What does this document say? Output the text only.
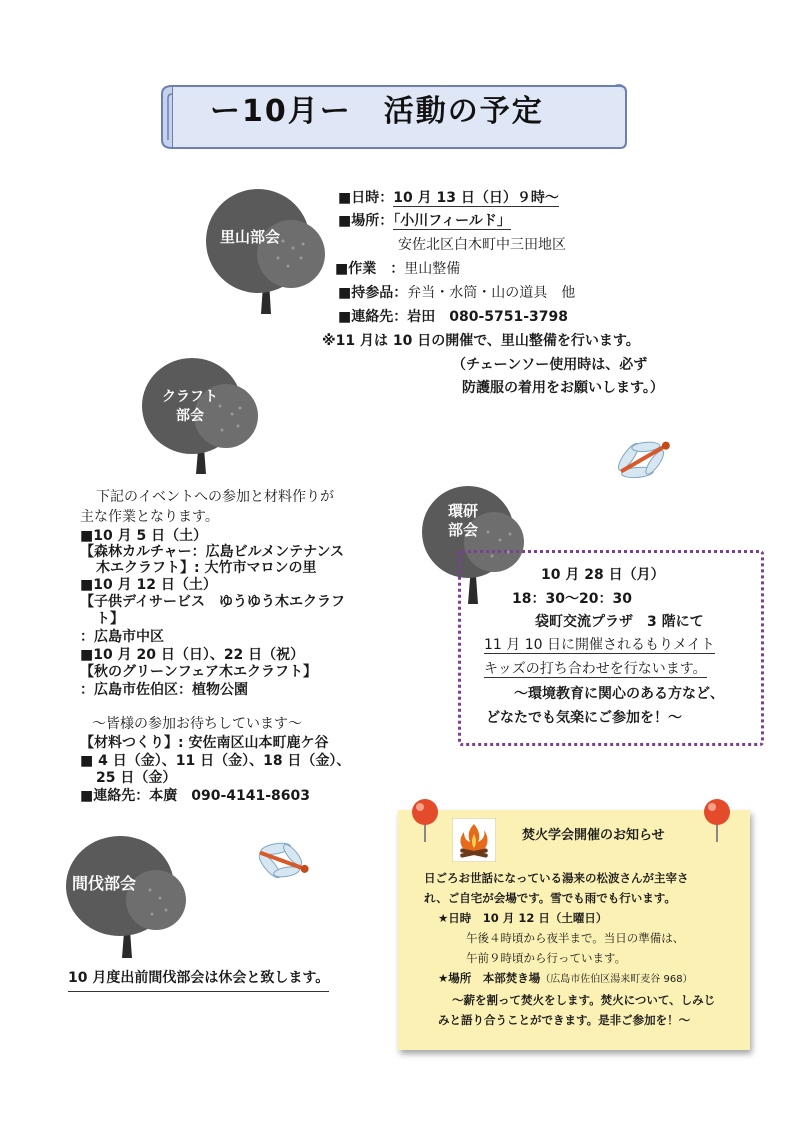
ー10月ー　活動の予定
里山部会
■日時：10 月 13 日（日）９時～
■場所：「小川フィールド」
安佐北区白木町中三田地区
■作業　：里山整備
■持参品：弁当・水筒・山の道具　他
■連絡先：岩田　080-5751-3798
※11 月は 10 日の開催で、里山整備を行います。
（チェーンソー使用時は、必ず
防護服の着用をお願いします。）
クラフト
部会
下記のイベントへの参加と材料作りが
主な作業となります。
■10 月 5 日（土）
【森林カルチャー：広島ビルメンテナンス
木エクラフト】: 大竹市マロンの里
■10 月 12 日（土）
【子供デイサービス　ゆうゆう木エクラフ
ト】
：広島市中区
■10 月 20 日（日）、22 日（祝）
【秋のグリーンフェア木エクラフト】
：広島市佐伯区：植物公園
～皆様の参加お待ちしています～
【材料つくり】: 安佐南区山本町鹿ケ谷
■ 4 日（金）、11 日（金）、18 日（金）、
25 日（金）
■連絡先：本廣　090-4141-8603
環研
部会
10 月 28 日（月）
18：30～20：30
袋町交流プラザ　3 階にて
11 月 10 日に開催されるもりメイト
キッズの打ち合わせを行ないます。
～環境教育に関心のある方など、
どなたでも気楽にご参加を！～
間伐部会
10 月度出前間伐部会は休会と致します。
焚火学会開催のお知らせ
日ごろお世話になっている湯来の松波さんが主宰さ
れ、ご自宅が会場です。雪でも雨でも行います。
★日時　10 月 12 日（土曜日）
午後４時頃から夜半まで。当日の準備は、
午前９時頃から行っています。
★場所　本部焚き場（広島市佐伯区湯来町麦谷 968）
～薪を割って焚火をします。焚火について、しみじ
みと語り合うことができます。是非ご参加を！～
